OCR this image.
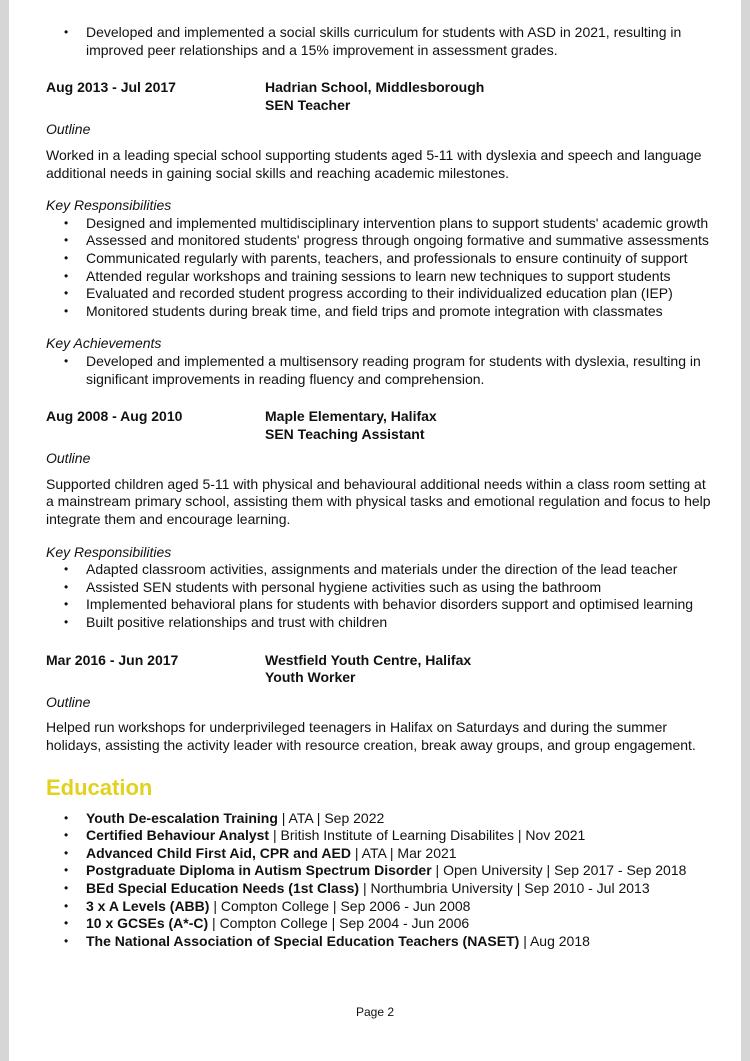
• Developed and implemented a social skills curriculum for students with ASD in 2021, resulting in improved peer relationships and a 15% improvement in assessment grades.
Aug 2013 - Jul 2017	Hadrian School, Middlesborough
SEN Teacher
Outline
Worked in a leading special school supporting students aged 5-11 with dyslexia and speech and language additional needs in gaining social skills and reaching academic milestones.
Key Responsibilities
• Designed and implemented multidisciplinary intervention plans to support students' academic growth
• Assessed and monitored students' progress through ongoing formative and summative assessments
• Communicated regularly with parents, teachers, and professionals to ensure continuity of support
• Attended regular workshops and training sessions to learn new techniques to support students
• Evaluated and recorded student progress according to their individualized education plan (IEP)
• Monitored students during break time, and field trips and promote integration with classmates
Key Achievements
• Developed and implemented a multisensory reading program for students with dyslexia, resulting in significant improvements in reading fluency and comprehension.
Aug 2008 - Aug 2010	Maple Elementary, Halifax
SEN Teaching Assistant
Outline
Supported children aged 5-11 with physical and behavioural additional needs within a class room setting at a mainstream primary school, assisting them with physical tasks and emotional regulation and focus to help integrate them and encourage learning.
Key Responsibilities
• Adapted classroom activities, assignments and materials under the direction of the lead teacher
• Assisted SEN students with personal hygiene activities such as using the bathroom
• Implemented behavioral plans for students with behavior disorders support and optimised learning
• Built positive relationships and trust with children
Mar 2016 - Jun 2017	Westfield Youth Centre, Halifax
Youth Worker
Outline
Helped run workshops for underprivileged teenagers in Halifax on Saturdays and during the summer holidays, assisting the activity leader with resource creation, break away groups, and group engagement.
Education
• Youth De-escalation Training | ATA | Sep 2022
• Certified Behaviour Analyst | British Institute of Learning Disabilites | Nov 2021
• Advanced Child First Aid, CPR and AED | ATA | Mar 2021
• Postgraduate Diploma in Autism Spectrum Disorder | Open University | Sep 2017 - Sep 2018
• BEd Special Education Needs (1st Class) | Northumbria University | Sep 2010 - Jul 2013
• 3 x A Levels (ABB) | Compton College | Sep 2006 - Jun 2008
• 10 x GCSEs (A*-C) | Compton College | Sep 2004 - Jun 2006
• The National Association of Special Education Teachers (NASET) | Aug 2018
Page 2
